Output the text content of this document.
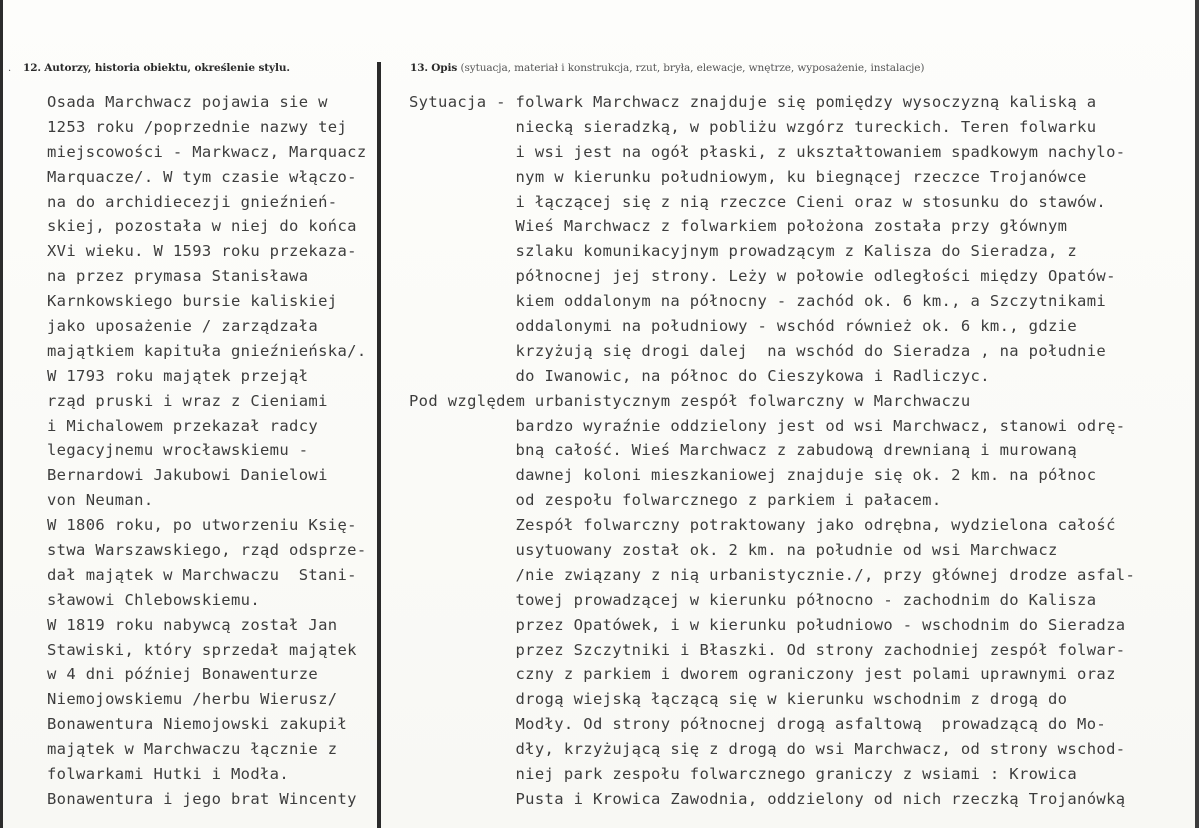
· 12. Autorzy, historia obiektu, określenie stylu.	13. Opis (sytuacja, materiał i konstrukcja, rzut, bryła, elewacje, wnętrze, wyposażenie, instalacje)
Osada Marchwacz pojawia sie w
1253 roku /poprzednie nazwy tej
miejscowości - Markwacz, Marquacz
Marquacze/. W tym czasie włączo-
na do archidiecezji gnieźnień-
skiej, pozostała w niej do końca
XVi wieku. W 1593 roku przekaza-
na przez prymasa Stanisława
Karnkowskiego bursie kaliskiej
jako uposażenie / zarządzała
majątkiem kapituła gnieźnieńska/.
W 1793 roku majątek przejął
rząd pruski i wraz z Cieniami
i Michalowem przekazał radcy
legacyjnemu wrocławskiemu -
Bernardowi Jakubowi Danielowi
von Neuman.
W 1806 roku, po utworzeniu Księ-
stwa Warszawskiego, rząd odsprze-
dał majątek w Marchwaczu  Stani-
sławowi Chlebowskiemu.
W 1819 roku nabywcą został Jan
Stawiski, który sprzedał majątek
w 4 dni później Bonawenturze
Niemojowskiemu /herbu Wierusz/
Bonawentura Niemojowski zakupił
majątek w Marchwaczu łącznie z
folwarkami Hutki i Modła.
Bonawentura i jego brat Wincenty
Sytuacja - folwark Marchwacz znajduje się pomiędzy wysoczyzną kaliską a
niecką sieradzką, w pobliżu wzgórz tureckich. Teren folwarku
i wsi jest na ogół płaski, z ukształtowaniem spadkowym nachylo-
nym w kierunku południowym, ku biegnącej rzeczce Trojanówce
i łączącej się z nią rzeczce Cieni oraz w stosunku do stawów.
Wieś Marchwacz z folwarkiem położona została przy głównym
szlaku komunikacyjnym prowadzącym z Kalisza do Sieradza, z
północnej jej strony. Leży w połowie odległości między Opatów-
kiem oddalonym na północny - zachód ok. 6 km., a Szczytnikami
oddalonymi na południowy - wschód również ok. 6 km., gdzie
krzyżują się drogi dalej  na wschód do Sieradza , na południe
do Iwanowic, na północ do Cieszykowa i Radliczyc.
Pod względem urbanistycznym zespół folwarczny w Marchwaczu
bardzo wyraźnie oddzielony jest od wsi Marchwacz, stanowi odrę-
bną całość. Wieś Marchwacz z zabudową drewnianą i murowaną
dawnej koloni mieszkaniowej znajduje się ok. 2 km. na północ
od zespołu folwarcznego z parkiem i pałacem.
Zespół folwarczny potraktowany jako odrębna, wydzielona całość
usytuowany został ok. 2 km. na południe od wsi Marchwacz
/nie związany z nią urbanistycznie./, przy głównej drodze asfal-
towej prowadzącej w kierunku północno - zachodnim do Kalisza
przez Opatówek, i w kierunku południowo - wschodnim do Sieradza
przez Szczytniki i Błaszki. Od strony zachodniej zespół folwar-
czny z parkiem i dworem ograniczony jest polami uprawnymi oraz
drogą wiejską łączącą się w kierunku wschodnim z drogą do
Modły. Od strony północnej drogą asfaltową  prowadzącą do Mo-
dły, krzyżującą się z drogą do wsi Marchwacz, od strony wschod-
niej park zespołu folwarcznego graniczy z wsiami : Krowica
Pusta i Krowica Zawodnia, oddzielony od nich rzeczką Trojanówką
